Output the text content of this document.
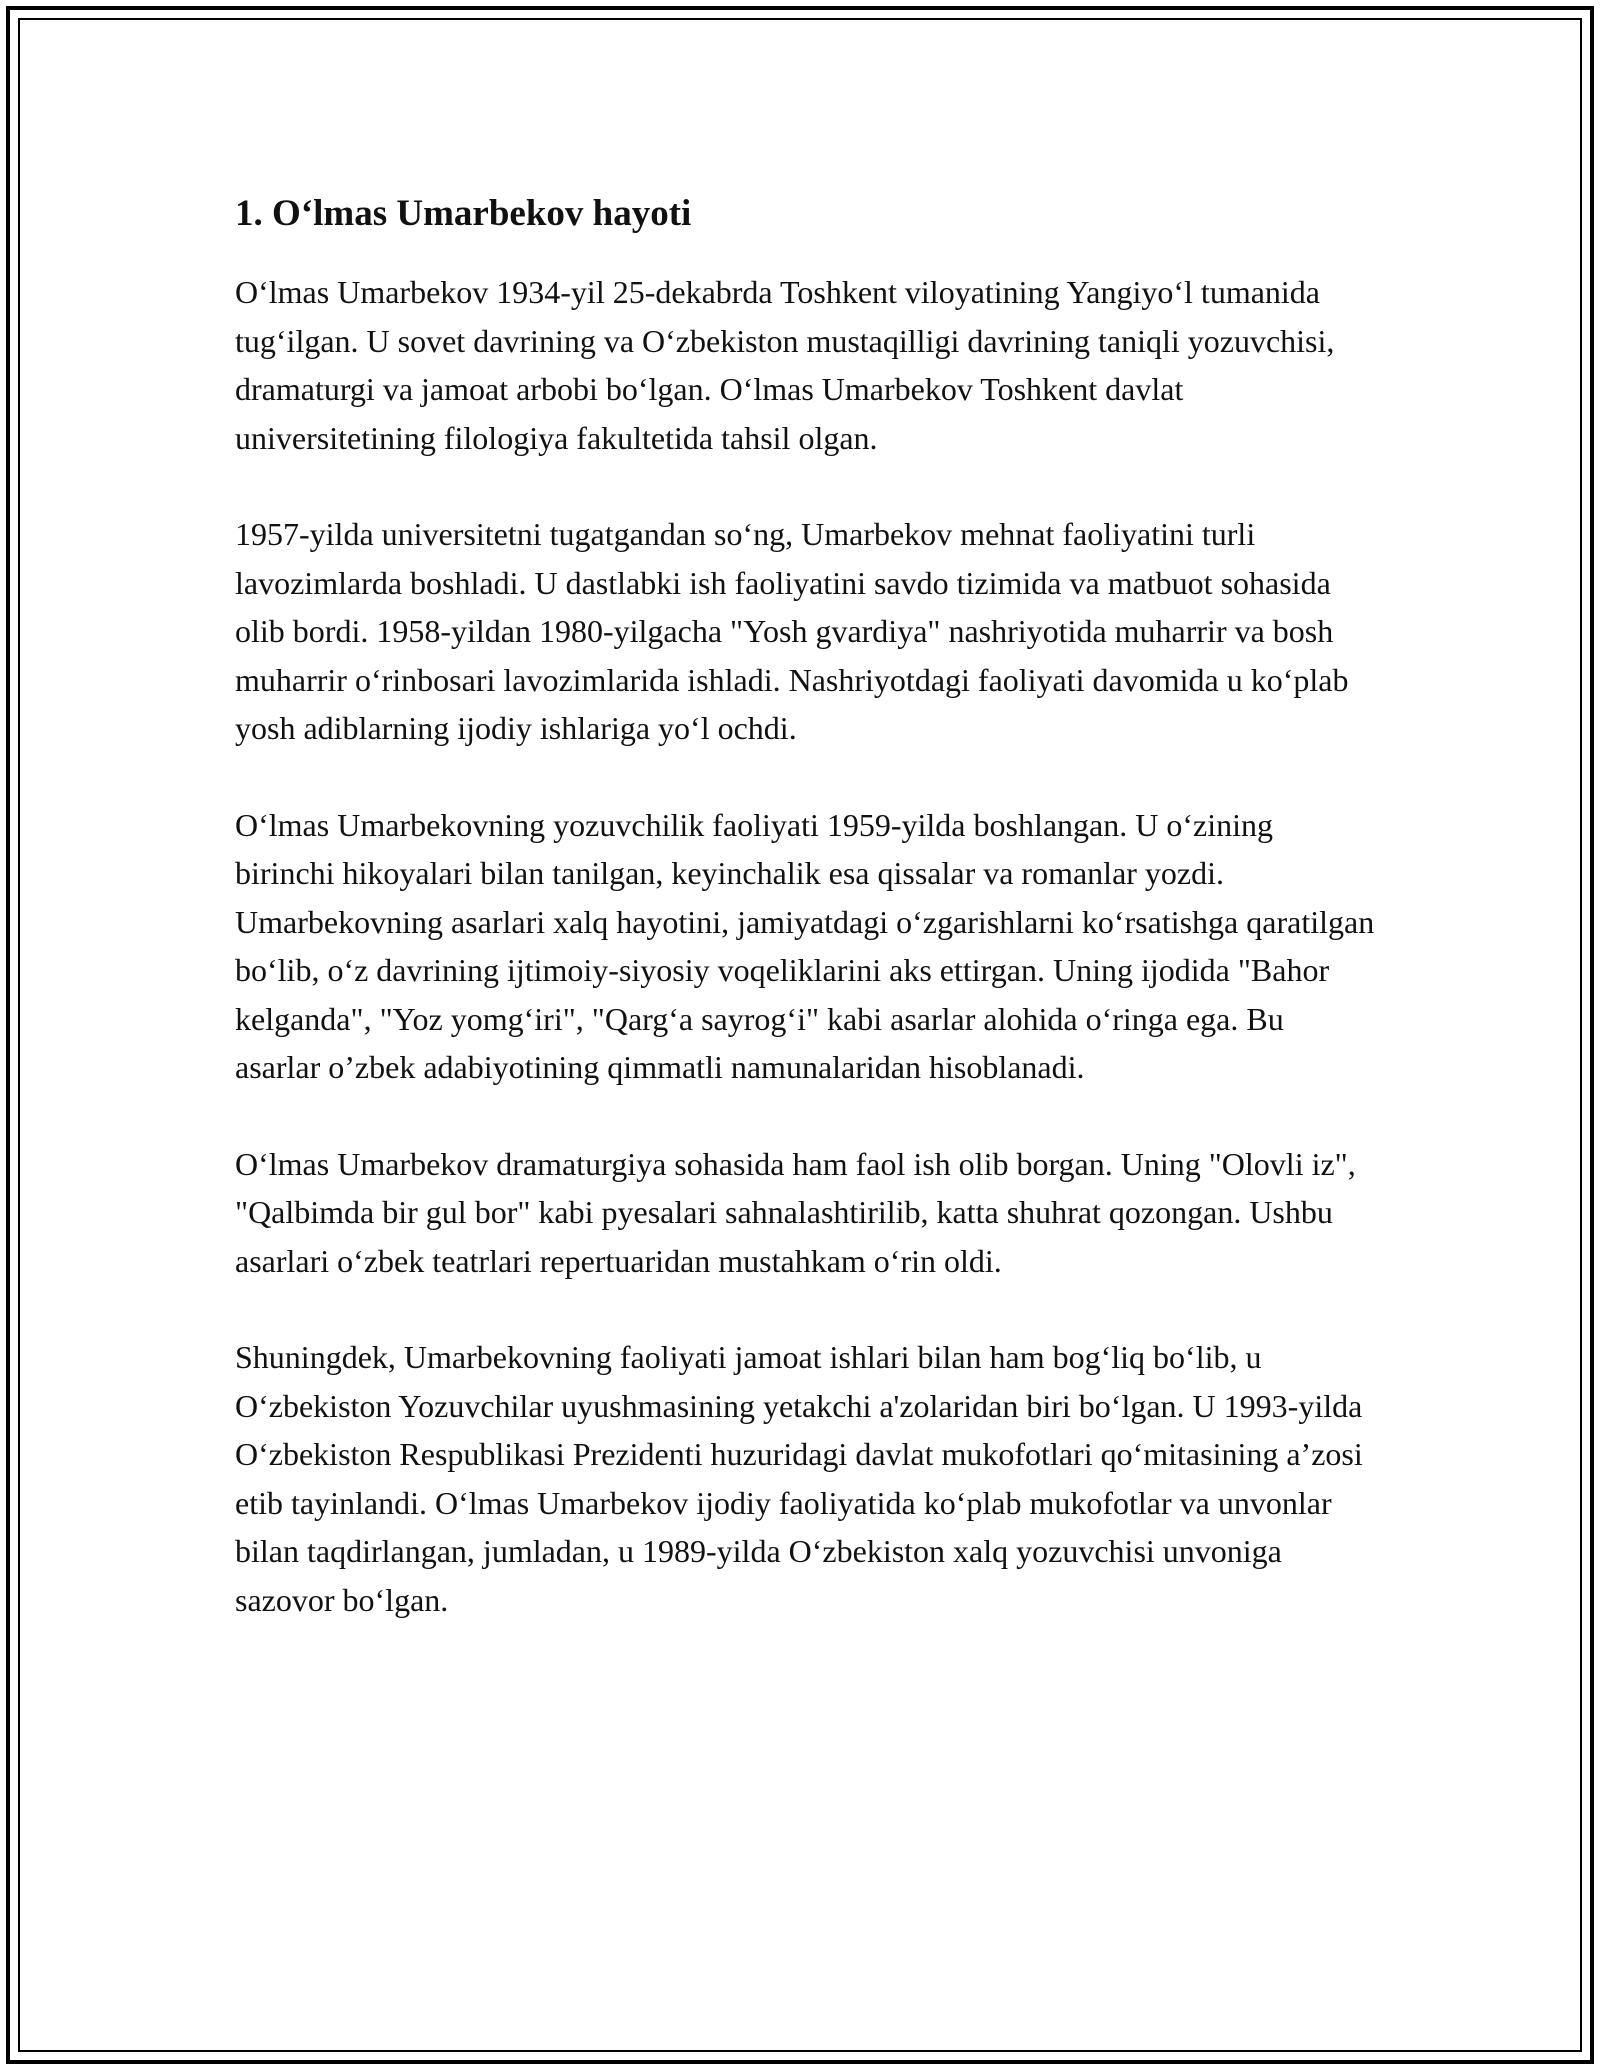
1. O‘lmas Umarbekov hayoti

O‘lmas Umarbekov 1934-yil 25-dekabrda Toshkent viloyatining Yangiyo‘l tumanida tug‘ilgan. U sovet davrining va O‘zbekiston mustaqilligi davrining taniqli yozuvchisi, dramaturgi va jamoat arbobi bo‘lgan. O‘lmas Umarbekov Toshkent davlat universitetining filologiya fakultetida tahsil olgan.

1957-yilda universitetni tugatgandan so‘ng, Umarbekov mehnat faoliyatini turli lavozimlarda boshladi. U dastlabki ish faoliyatini savdo tizimida va matbuot sohasida olib bordi. 1958-yildan 1980-yilgacha "Yosh gvardiya" nashriyotida muharrir va bosh muharrir o‘rinbosari lavozimlarida ishladi. Nashriyotdagi faoliyati davomida u ko‘plab yosh adiblarning ijodiy ishlariga yo‘l ochdi.

O‘lmas Umarbekovning yozuvchilik faoliyati 1959-yilda boshlangan. U o‘zining birinchi hikoyalari bilan tanilgan, keyinchalik esa qissalar va romanlar yozdi. Umarbekovning asarlari xalq hayotini, jamiyatdagi o‘zgarishlarni ko‘rsatishga qaratilgan bo‘lib, o‘z davrining ijtimoiy-siyosiy voqeliklarini aks ettirgan. Uning ijodida "Bahor kelganda", "Yoz yomg‘iri", "Qarg‘a sayrog‘i" kabi asarlar alohida o‘ringa ega. Bu asarlar o’zbek adabiyotining qimmatli namunalaridan hisoblanadi.

O‘lmas Umarbekov dramaturgiya sohasida ham faol ish olib borgan. Uning "Olovli iz", "Qalbimda bir gul bor" kabi pyesalari sahnalashtirilib, katta shuhrat qozongan. Ushbu asarlari o‘zbek teatrlari repertuaridan mustahkam o‘rin oldi.

Shuningdek, Umarbekovning faoliyati jamoat ishlari bilan ham bog‘liq bo‘lib, u O‘zbekiston Yozuvchilar uyushmasining yetakchi a'zolaridan biri bo‘lgan. U 1993-yilda O‘zbekiston Respublikasi Prezidenti huzuridagi davlat mukofotlari qo‘mitasining a’zosi etib tayinlandi. O‘lmas Umarbekov ijodiy faoliyatida ko‘plab mukofotlar va unvonlar bilan taqdirlangan, jumladan, u 1989-yilda O‘zbekiston xalq yozuvchisi unvoniga sazovor bo‘lgan.
